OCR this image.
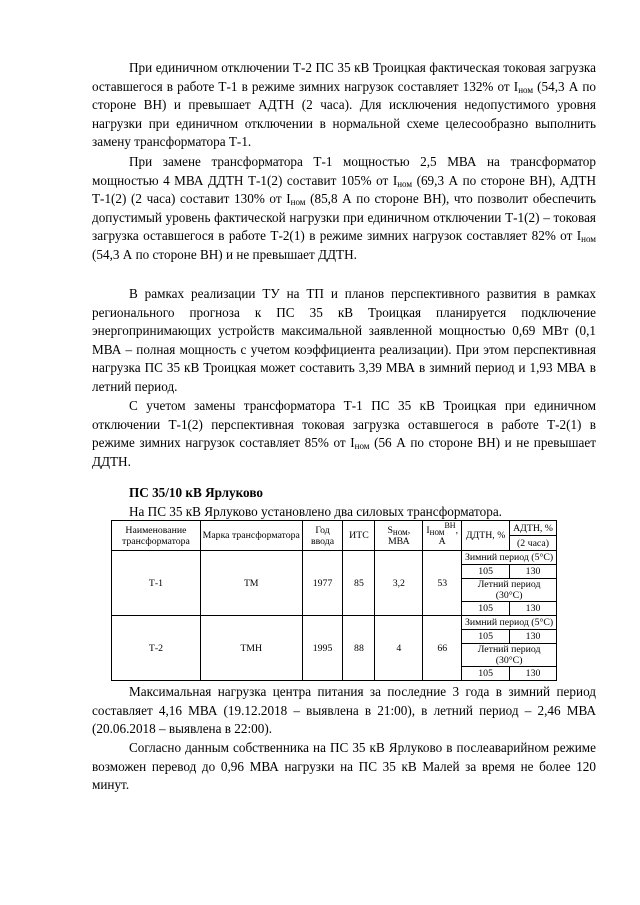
При единичном отключении Т-2 ПС 35 кВ Троицкая фактическая токовая загрузка оставшегося в работе Т-1 в режиме зимних нагрузок составляет 132% от $I_{ном}$ (54,3 А по стороне ВН) и превышает АДТН (2 часа). Для исключения недопустимого уровня нагрузки при единичном отключении в нормальной схеме целесообразно выполнить замену трансформатора Т-1.

При замене трансформатора Т-1 мощностью 2,5 МВА на трансформатор мощностью 4 МВА ДДТН Т-1(2) составит 105% от $I_{ном}$ (69,3 А по стороне ВН), АДТН Т-1(2) (2 часа) составит 130% от $I_{ном}$ (85,8 А по стороне ВН), что позволит обеспечить допустимый уровень фактической нагрузки при единичном отключении Т-1(2) – токовая загрузка оставшегося в работе Т-2(1) в режиме зимних нагрузок составляет 82% от $I_{ном}$ (54,3 А по стороне ВН) и не превышает ДДТН.

В рамках реализации ТУ на ТП и планов перспективного развития в рамках регионального прогноза к ПС 35 кВ Троицкая планируется подключение энергопринимающих устройств максимальной заявленной мощностью 0,69 МВт (0,1 МВА – полная мощность с учетом коэффициента реализации). При этом перспективная нагрузка ПС 35 кВ Троицкая может составить 3,39 МВА в зимний период и 1,93 МВА в летний период.

С учетом замены трансформатора Т-1 ПС 35 кВ Троицкая при единичном отключении Т-1(2) перспективная токовая загрузка оставшегося в работе Т-2(1) в режиме зимних нагрузок составляет 85% от $I_{ном}$ (56 А по стороне ВН) и не превышает ДДТН.

ПС 35/10 кВ Ярлуково

На ПС 35 кВ Ярлуково установлено два силовых трансформатора.

Наименование трансформатора	Марка трансформатора	Год ввода	ИТС	$S_{ном}$, МВА	$I_{ном}^{ВН}$, А	ДДТН, %	АДТН, %
							(2 часа)
Т-1	ТМ	1977	85	3,2	53	Зимний период (5°С)	
						105	130
						Летний период (30°С)	
						105	130
Т-2	ТМН	1995	88	4	66	Зимний период (5°С)	
						105	130
						Летний период (30°С)	
						105	130

Максимальная нагрузка центра питания за последние 3 года в зимний период составляет 4,16 МВА (19.12.2018 – выявлена в 21:00), в летний период – 2,46 МВА (20.06.2018 – выявлена в 22:00).

Согласно данным собственника на ПС 35 кВ Ярлуково в послеаварийном режиме возможен перевод до 0,96 МВА нагрузки на ПС 35 кВ Малей за время не более 120 минут.
